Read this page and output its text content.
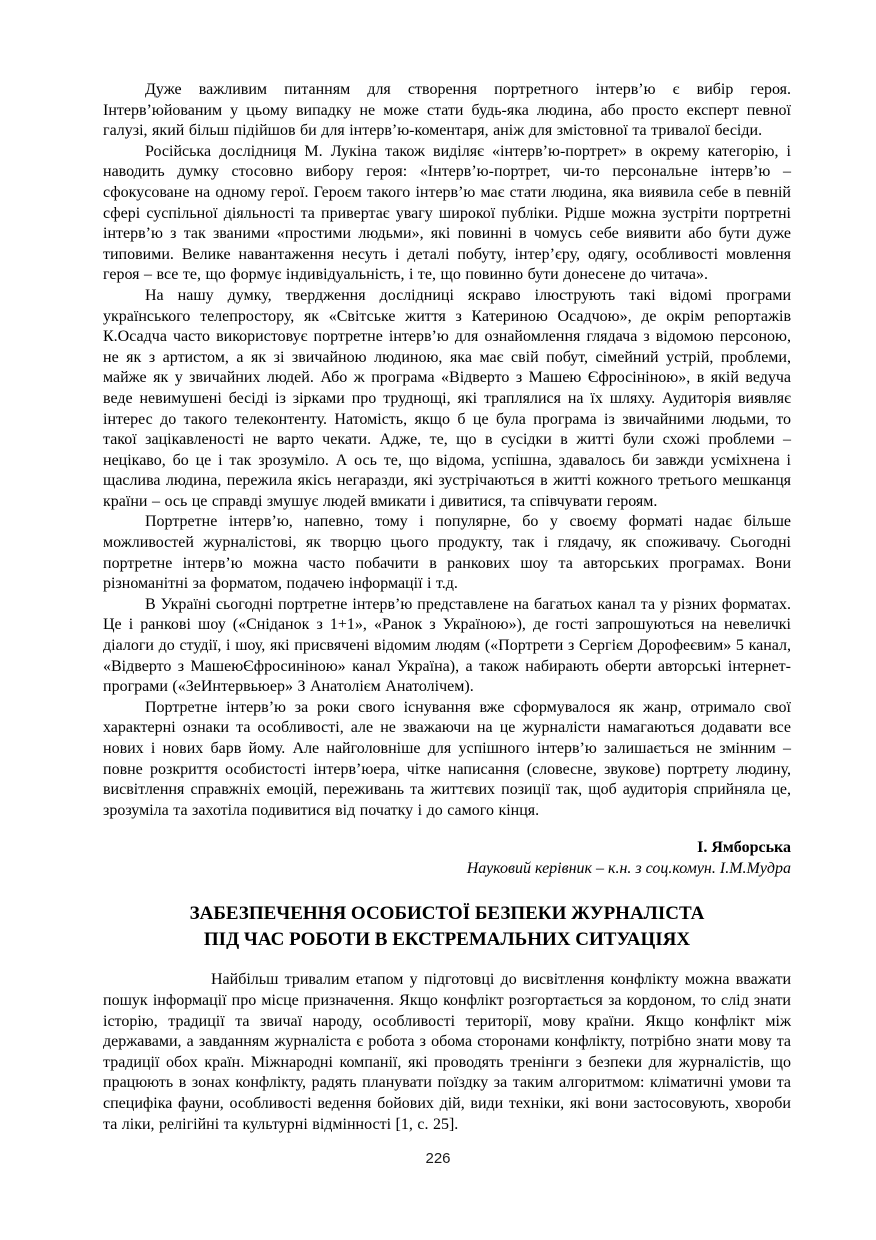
Дуже важливим питанням для створення портретного інтерв’ю є вибір героя. Інтерв’юйованим у цьому випадку не може стати будь-яка людина, або просто експерт певної галузі, який більш підійшов би для інтерв’ю-коментаря, аніж для змістовної та тривалої бесіди.

Російська дослідниця М. Лукіна також виділяє «інтерв’ю-портрет» в окрему категорію, і наводить думку стосовно вибору героя: «Інтерв’ю-портрет, чи-то персональне інтерв’ю – сфокусоване на одному герої. Героєм такого інтерв’ю має стати людина, яка виявила себе в певній сфері суспільної діяльності та привертає увагу широкої публіки. Рідше можна зустріти портретні інтерв’ю з так званими «простими людьми», які повинні в чомусь себе виявити або бути дуже типовими. Велике навантаження несуть і деталі побуту, інтер’єру, одягу, особливості мовлення героя – все те, що формує індивідуальність, і те, що повинно бути донесене до читача».

На нашу думку, твердження дослідниці яскраво ілюструють такі відомі програми українського телепростору, як «Світське життя з Катериною Осадчою», де окрім репортажів К.Осадча часто використовує портретне інтерв’ю для ознайомлення глядача з відомою персоною, не як з артистом, а як зі звичайною людиною, яка має свій побут, сімейний устрій, проблеми, майже як у звичайних людей. Або ж програма «Відверто з Машею Єфросініною», в якій ведуча веде невимушені бесіді із зірками про труднощі, які траплялися на їх шляху. Аудиторія виявляє інтерес до такого телеконтенту. Натомість, якщо б це була програма із звичайними людьми, то такої зацікавленості не варто чекати. Адже, те, що в сусідки в житті були схожі проблеми – нецікаво, бо це і так зрозуміло. А ось те, що відома, успішна, здавалось би завжди усміхнена і щаслива людина, пережила якісь негаразди, які зустрічаються в житті кожного третього мешканця країни – ось це справді змушує людей вмикати і дивитися, та співчувати героям.

Портретне інтерв’ю, напевно, тому і популярне, бо у своєму форматі надає більше можливостей журналістові, як творцю цього продукту, так і глядачу, як споживачу. Сьогодні портретне інтерв’ю можна часто побачити в ранкових шоу та авторських програмах. Вони різноманітні за форматом, подачею інформації і т.д.

В Україні сьогодні портретне інтерв’ю представлене на багатьох канал та у різних форматах. Це і ранкові шоу («Сніданок з 1+1», «Ранок з Україною»), де гості запрошуються на невеличкі діалоги до студії, і шоу, які присвячені відомим людям («Портрети з Сергієм Дорофеєвим» 5 канал, «Відверто з МашеюЄфросиніною» канал Україна), а також набирають оберти авторські інтернет-програми («ЗеИнтервьюер» З Анатолієм Анатолічем).

Портретне інтерв’ю за роки свого існування вже сформувалося як жанр, отримало свої характерні ознаки та особливості, але не зважаючи на це журналісти намагаються додавати все нових і нових барв йому. Але найголовніше для успішного інтерв’ю залишається не змінним – повне розкриття особистості інтерв’юера, чітке написання (словесне, звукове) портрету людину, висвітлення справжніх емоцій, переживань та життєвих позиції так, щоб аудиторія сприйняла це, зрозуміла та захотіла подивитися від початку і до самого кінця.

І. Ямборська
Науковий керівник – к.н. з соц.комун. І.М.Мудра
ЗАБЕЗПЕЧЕННЯ ОСОБИСТОЇ БЕЗПЕКИ ЖУРНАЛІСТА
ПІД ЧАС РОБОТИ В ЕКСТРЕМАЛЬНИХ СИТУАЦІЯХ

Найбільш тривалим етапом у підготовці до висвітлення конфлікту можна вважати пошук інформації про місце призначення. Якщо конфлікт розгортається за кордоном, то слід знати історію, традиції та звичаї народу, особливості території, мову країни. Якщо конфлікт між державами, а завданням журналіста є робота з обома сторонами конфлікту, потрібно знати мову та традиції обох країн. Міжнародні компанії, які проводять тренінги з безпеки для журналістів, що працюють в зонах конфлікту, радять планувати поїздку за таким алгоритмом: кліматичні умови та специфіка фауни, особливості ведення бойових дій, види техніки, які вони застосовують, хвороби та ліки, релігійні та культурні відмінності [1, с. 25].

226
